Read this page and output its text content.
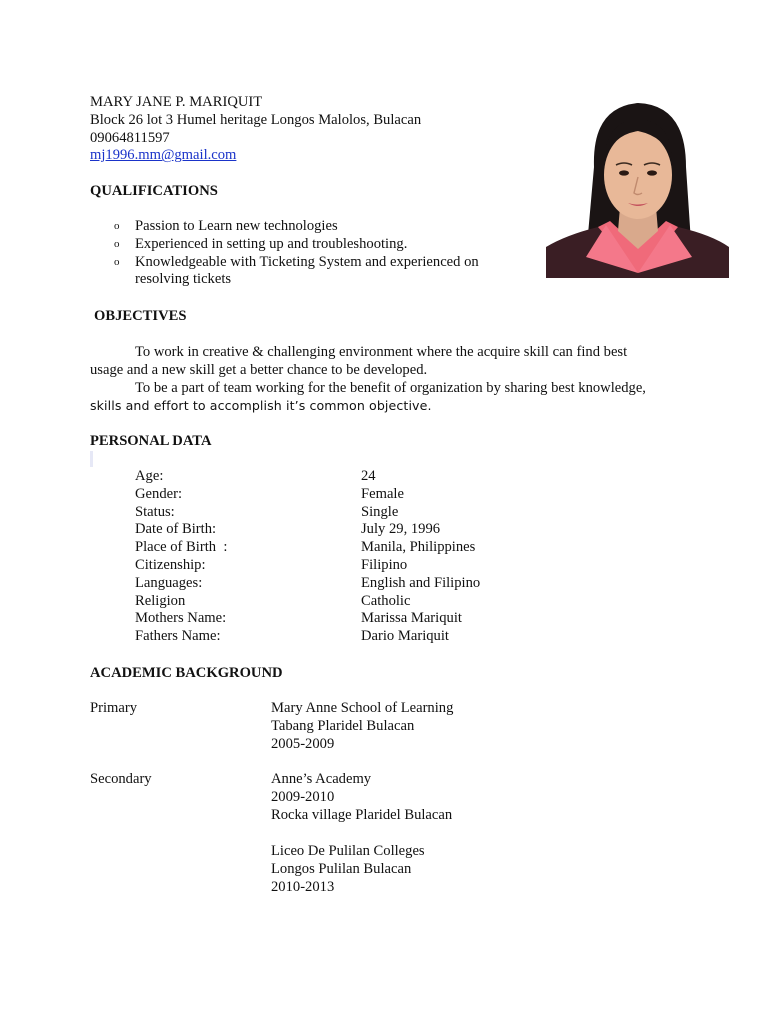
MARY JANE P. MARIQUIT
Block 26 lot 3 Humel heritage Longos Malolos, Bulacan
09064811597
mj1996.mm@gmail.com
QUALIFICATIONS
o Passion to Learn new technologies
o Experienced in setting up and troubleshooting.
o Knowledgeable with Ticketing System and experienced on
resolving tickets
OBJECTIVES

To work in creative & challenging environment where the acquire skill can find best

usage and a new skill get a better chance to be developed.

To be a part of team working for the benefit of organization by sharing best knowledge,

skills and effort to accomplish it’s common objective.

PERSONAL DATA
Age:	24
Gender:	Female
Status:	Single
Date of Birth:	July 29, 1996
Place of Birth  :	Manila, Philippines
Citizenship:	Filipino
Languages:	English and Filipino
Religion	Catholic
Mothers Name:	Marissa Mariquit
Fathers Name:	Dario Mariquit
ACADEMIC BACKGROUND
Primary	Mary Anne School of Learning
Tabang Plaridel Bulacan
2005-2009
Secondary	Anne’s Academy
2009-2010
Rocka village Plaridel Bulacan
Liceo De Pulilan Colleges
Longos Pulilan Bulacan
2010-2013
